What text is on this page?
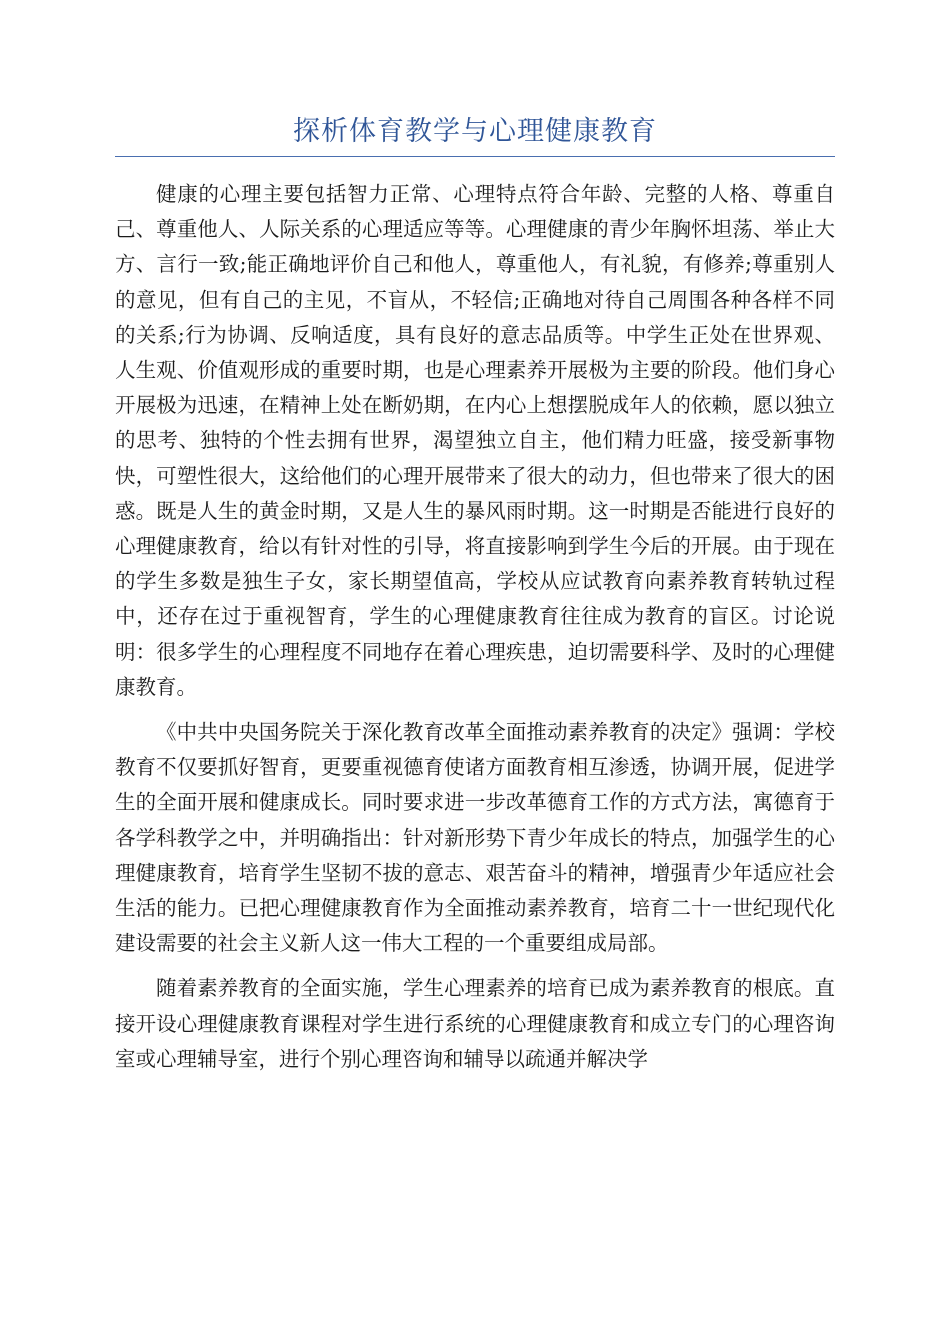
探析体育教学与心理健康教育

健康的心理主要包括智力正常、心理特点符合年龄、完整的人格、尊重自己、尊重他人、人际关系的心理适应等等。心理健康的青少年胸怀坦荡、举止大方、言行一致;能正确地评价自己和他人，尊重他人，有礼貌，有修养;尊重别人的意见，但有自己的主见，不盲从，不轻信;正确地对待自己周围各种各样不同的关系;行为协调、反响适度，具有良好的意志品质等。中学生正处在世界观、人生观、价值观形成的重要时期，也是心理素养开展极为主要的阶段。他们身心开展极为迅速，在精神上处在断奶期，在内心上想摆脱成年人的依赖，愿以独立的思考、独特的个性去拥有世界，渴望独立自主，他们精力旺盛，接受新事物快，可塑性很大，这给他们的心理开展带来了很大的动力，但也带来了很大的困惑。既是人生的黄金时期，又是人生的暴风雨时期。这一时期是否能进行良好的心理健康教育，给以有针对性的引导，将直接影响到学生今后的开展。由于现在的学生多数是独生子女，家长期望值高，学校从应试教育向素养教育转轨过程中，还存在过于重视智育，学生的心理健康教育往往成为教育的盲区。讨论说明：很多学生的心理程度不同地存在着心理疾患，迫切需要科学、及时的心理健康教育。

《中共中央国务院关于深化教育改革全面推动素养教育的决定》强调：学校教育不仅要抓好智育，更要重视德育使诸方面教育相互渗透，协调开展，促进学生的全面开展和健康成长。同时要求进一步改革德育工作的方式方法，寓德育于各学科教学之中，并明确指出：针对新形势下青少年成长的特点，加强学生的心理健康教育，培育学生坚韧不拔的意志、艰苦奋斗的精神，增强青少年适应社会生活的能力。已把心理健康教育作为全面推动素养教育，培育二十一世纪现代化建设需要的社会主义新人这一伟大工程的一个重要组成局部。

随着素养教育的全面实施，学生心理素养的培育已成为素养教育的根底。直接开设心理健康教育课程对学生进行系统的心理健康教育和成立专门的心理咨询室或心理辅导室，进行个别心理咨询和辅导以疏通并解决学
